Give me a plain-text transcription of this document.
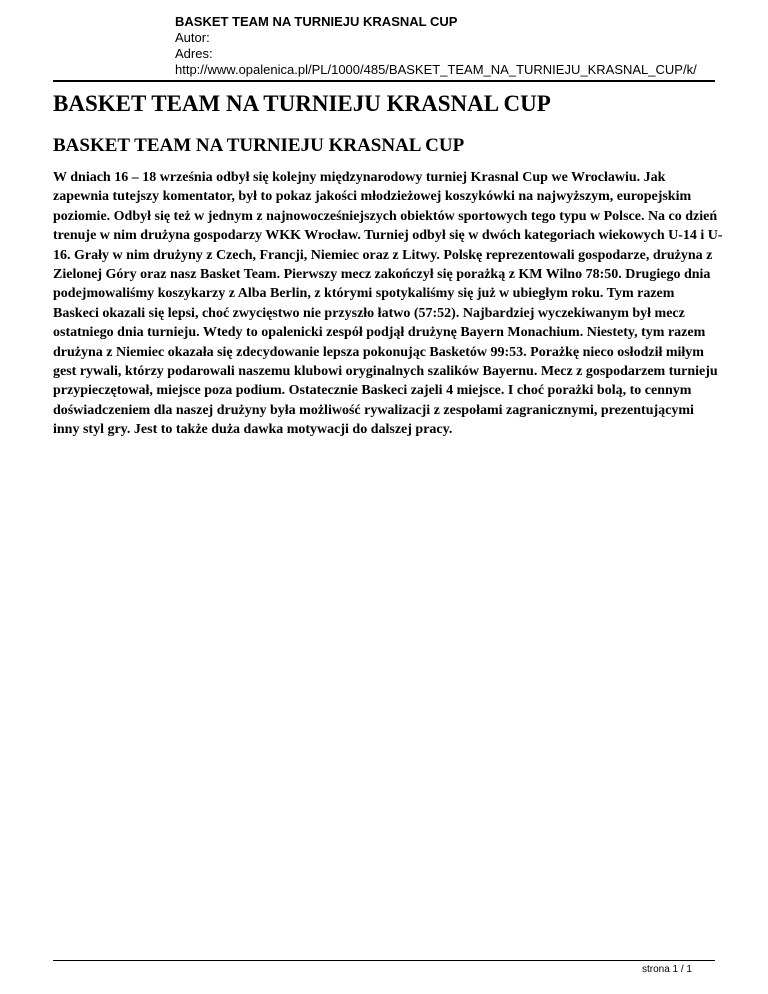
BASKET TEAM NA TURNIEJU KRASNAL CUP
Autor:
Adres:
http://www.opalenica.pl/PL/1000/485/BASKET_TEAM_NA_TURNIEJU_KRASNAL_CUP/k/
BASKET TEAM NA TURNIEJU KRASNAL CUP
BASKET TEAM NA TURNIEJU KRASNAL CUP

W dniach 16 – 18 września odbył się kolejny międzynarodowy turniej Krasnal Cup we Wrocławiu. Jak zapewnia tutejszy komentator, był to pokaz jakości młodzieżowej koszykówki na najwyższym, europejskim poziomie. Odbył się też w jednym z najnowocześniejszych obiektów sportowych tego typu w Polsce. Na co dzień trenuje w nim drużyna gospodarzy WKK Wrocław. Turniej odbył się w dwóch kategoriach wiekowych U-14 i U-16. Grały w nim drużyny z Czech, Francji, Niemiec oraz z Litwy. Polskę reprezentowali gospodarze, drużyna z Zielonej Góry oraz nasz Basket Team. Pierwszy mecz zakończył się porażką z KM Wilno 78:50. Drugiego dnia podejmowaliśmy koszykarzy z Alba Berlin, z którymi spotykaliśmy się już w ubiegłym roku. Tym razem Baskeci okazali się lepsi, choć zwycięstwo nie przyszło łatwo (57:52). Najbardziej wyczekiwanym był mecz ostatniego dnia turnieju. Wtedy to opalenicki zespół podjął drużynę Bayern Monachium. Niestety, tym razem drużyna z Niemiec okazała się zdecydowanie lepsza pokonując Basketów 99:53. Porażkę nieco osłodził miłym gest rywali, którzy podarowali naszemu klubowi oryginalnych szalików Bayernu. Mecz z gospodarzem turnieju przypieczętował, miejsce poza podium. Ostatecznie Baskeci zajeli 4 miejsce. I choć porażki bolą, to cennym doświadczeniem dla naszej drużyny była możliwość rywalizacji z zespołami zagranicznymi, prezentującymi inny styl gry. Jest to także duża dawka motywacji do dalszej pracy.

strona 1 / 1
